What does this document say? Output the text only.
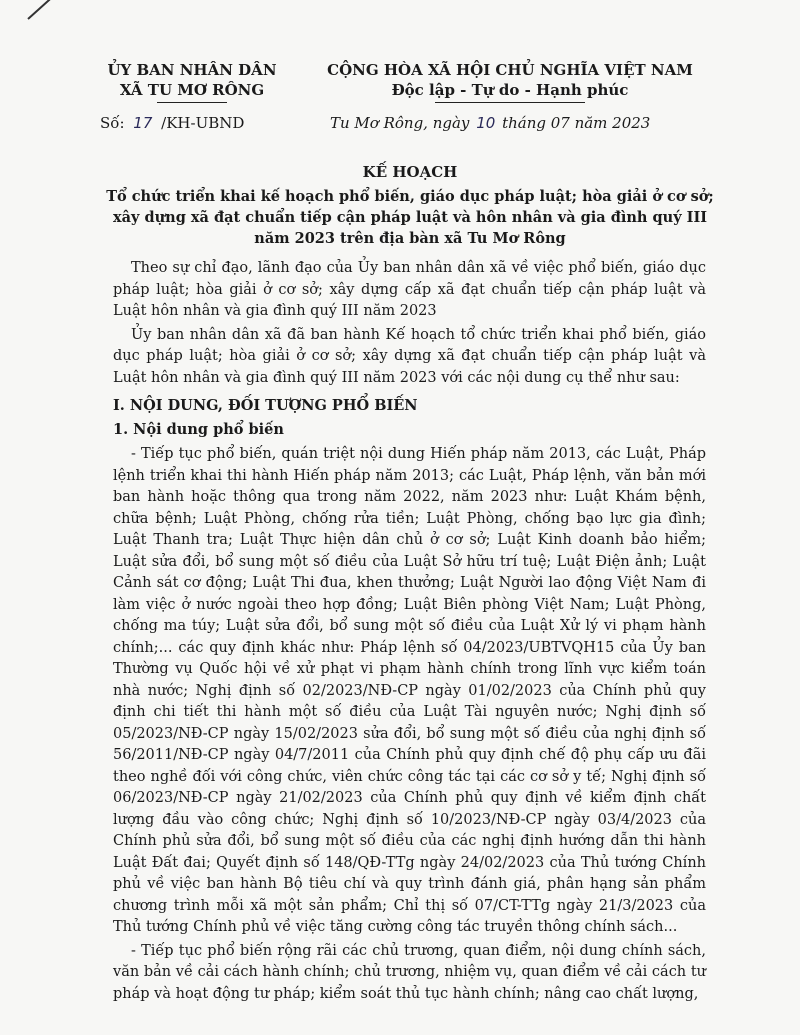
ỦY BAN NHÂN DÂN
XÃ TU MƠ RÔNG
CỘNG HÒA XÃ HỘI CHỦ NGHĨA VIỆT NAM
Độc lập - Tự do - Hạnh phúc
Số: 17 /KH-UBND	Tu Mơ Rông, ngày 10 tháng 07 năm 2023
KẾ HOẠCH
Tổ chức triển khai kế hoạch phổ biến, giáo dục pháp luật; hòa giải ở cơ sở;
xây dựng xã đạt chuẩn tiếp cận pháp luật và hôn nhân và gia đình quý III
năm 2023 trên địa bàn xã Tu Mơ Rông

Theo sự chỉ đạo, lãnh đạo của Ủy ban nhân dân xã về việc phổ biến, giáo dục pháp luật; hòa giải ở cơ sở; xây dựng cấp xã đạt chuẩn tiếp cận pháp luật và Luật hôn nhân và gia đình quý III năm 2023

Ủy ban nhân dân xã đã ban hành Kế hoạch tổ chức triển khai phổ biến, giáo dục pháp luật; hòa giải ở cơ sở; xây dựng xã đạt chuẩn tiếp cận pháp luật và Luật hôn nhân và gia đình quý III năm 2023 với các nội dung cụ thể như sau:

I. NỘI DUNG, ĐỐI TƯỢNG PHỔ BIẾN

1. Nội dung phổ biến

- Tiếp tục phổ biến, quán triệt nội dung Hiến pháp năm 2013, các Luật, Pháp lệnh triển khai thi hành Hiến pháp năm 2013; các Luật, Pháp lệnh, văn bản mới ban hành hoặc thông qua trong năm 2022, năm 2023 như: Luật Khám bệnh, chữa bệnh; Luật Phòng, chống rửa tiền; Luật Phòng, chống bạo lực gia đình; Luật Thanh tra; Luật Thực hiện dân chủ ở cơ sở; Luật Kinh doanh bảo hiểm; Luật sửa đổi, bổ sung một số điều của Luật Sở hữu trí tuệ; Luật Điện ảnh; Luật Cảnh sát cơ động; Luật Thi đua, khen thưởng; Luật Người lao động Việt Nam đi làm việc ở nước ngoài theo hợp đồng; Luật Biên phòng Việt Nam; Luật Phòng, chống ma túy; Luật sửa đổi, bổ sung một số điều của Luật Xử lý vi phạm hành chính;... các quy định khác như: Pháp lệnh số 04/2023/UBTVQH15 của Ủy ban Thường vụ Quốc hội về xử phạt vi phạm hành chính trong lĩnh vực kiểm toán nhà nước; Nghị định số 02/2023/NĐ-CP ngày 01/02/2023 của Chính phủ quy định chi tiết thi hành một số điều của Luật Tài nguyên nước; Nghị định số 05/2023/NĐ-CP ngày 15/02/2023 sửa đổi, bổ sung một số điều của nghị định số 56/2011/NĐ-CP ngày 04/7/2011 của Chính phủ quy định chế độ phụ cấp ưu đãi theo nghề đối với công chức, viên chức công tác tại các cơ sở y tế; Nghị định số 06/2023/NĐ-CP ngày 21/02/2023 của Chính phủ quy định về kiểm định chất lượng đầu vào công chức; Nghị định số 10/2023/NĐ-CP ngày 03/4/2023 của Chính phủ sửa đổi, bổ sung một số điều của các nghị định hướng dẫn thi hành Luật Đất đai; Quyết định số 148/QĐ-TTg ngày 24/02/2023 của Thủ tướng Chính phủ về việc ban hành Bộ tiêu chí và quy trình đánh giá, phân hạng sản phẩm chương trình mỗi xã một sản phẩm; Chỉ thị số 07/CT-TTg ngày 21/3/2023 của Thủ tướng Chính phủ về việc tăng cường công tác truyền thông chính sách...

- Tiếp tục phổ biến rộng rãi các chủ trương, quan điểm, nội dung chính sách, văn bản về cải cách hành chính; chủ trương, nhiệm vụ, quan điểm về cải cách tư pháp và hoạt động tư pháp; kiểm soát thủ tục hành chính; nâng cao chất lượng,
